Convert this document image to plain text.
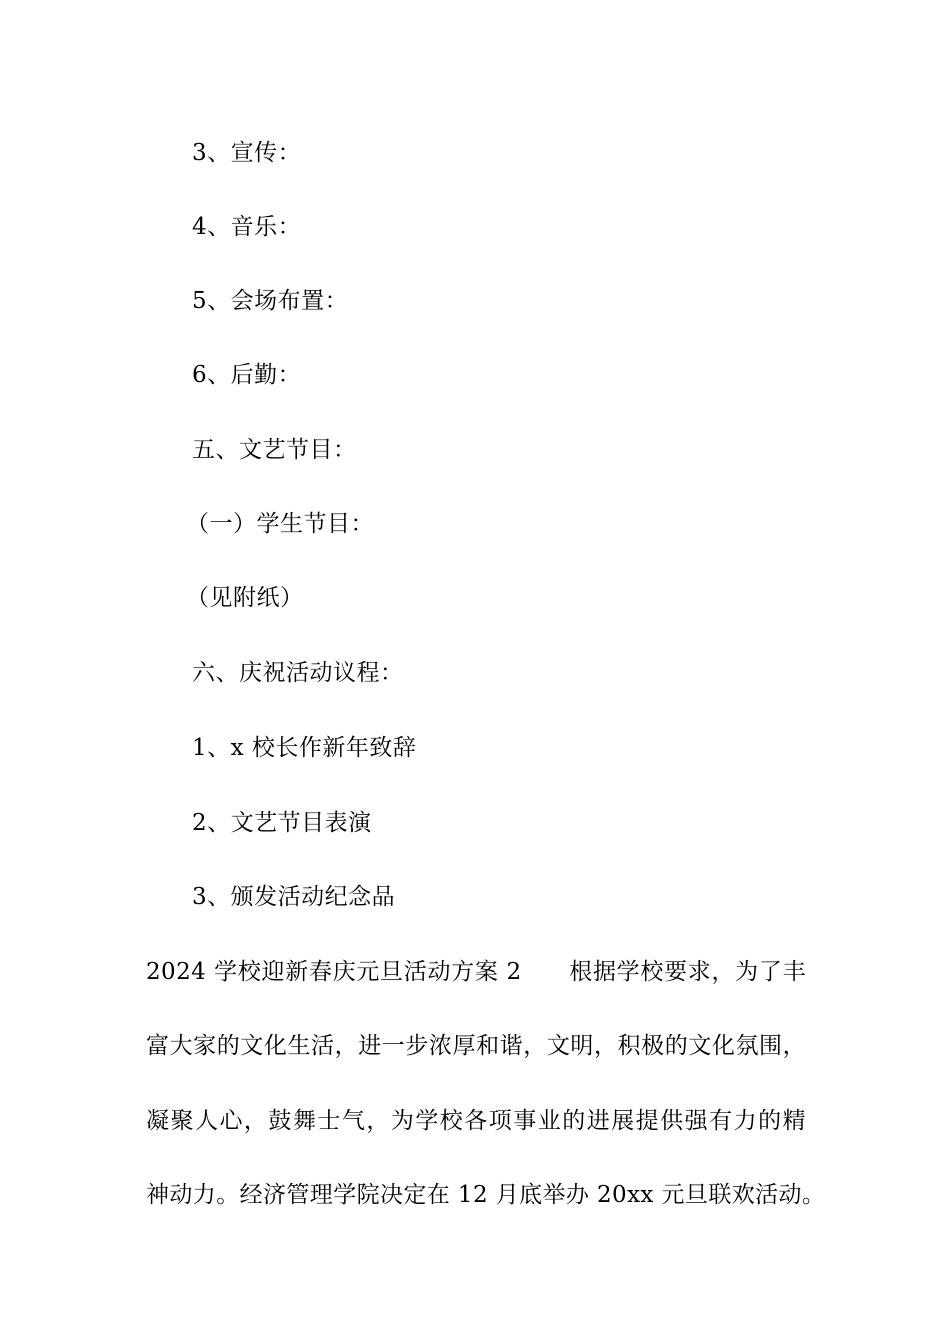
3、宣传：
4、音乐：
5、会场布置：
6、后勤：
五、文艺节目：
（一）学生节目：
（见附纸）
六、庆祝活动议程：
1、x 校长作新年致辞
2、文艺节目表演
3、颁发活动纪念品
2024 学校迎新春庆元旦活动方案 2　　根据学校要求，为了丰
富大家的文化生活，进一步浓厚和谐，文明，积极的文化氛围，
凝聚人心，鼓舞士气，为学校各项事业的进展提供强有力的精
神动力。经济管理学院决定在 12 月底举办 20xx 元旦联欢活动。
